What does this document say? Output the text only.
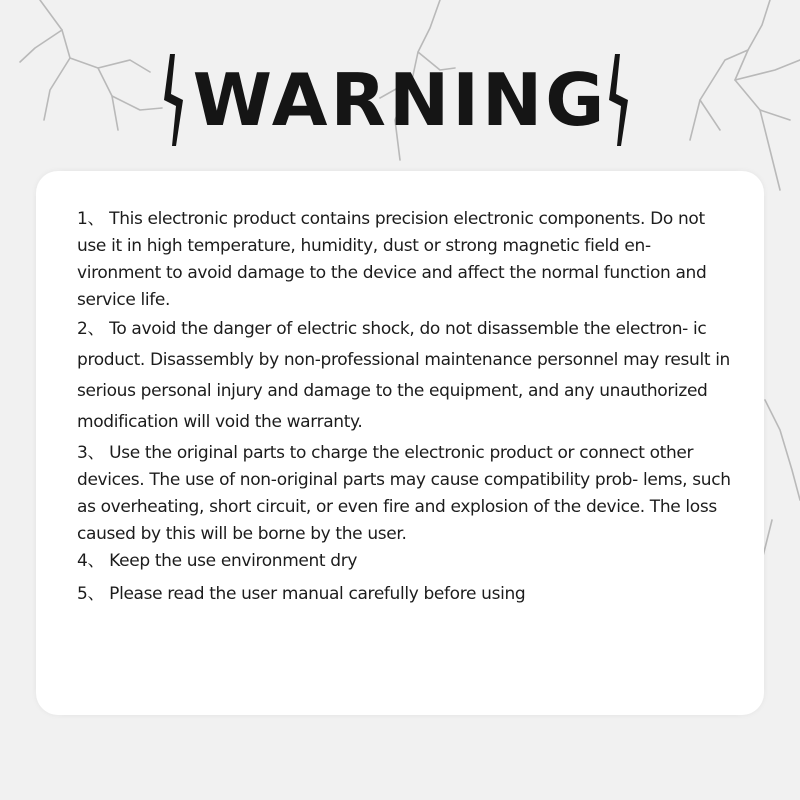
WARNING

1、 This electronic product contains precision electronic components. Do not use it in high temperature, humidity, dust or strong magnetic field en- vironment to avoid damage to the device and affect the normal function and service life.

2、 To avoid the danger of electric shock, do not disassemble the electron- ic product. Disassembly by non-professional maintenance personnel may result in serious personal injury and damage to the equipment, and any unauthorized modification will void the warranty.

3、 Use the original parts to charge the electronic product or connect other devices. The use of non-original parts may cause compatibility prob- lems, such as overheating, short circuit, or even fire and explosion of the device. The loss caused by this will be borne by the user.

4、 Keep the use environment dry

5、 Please read the user manual carefully before using
